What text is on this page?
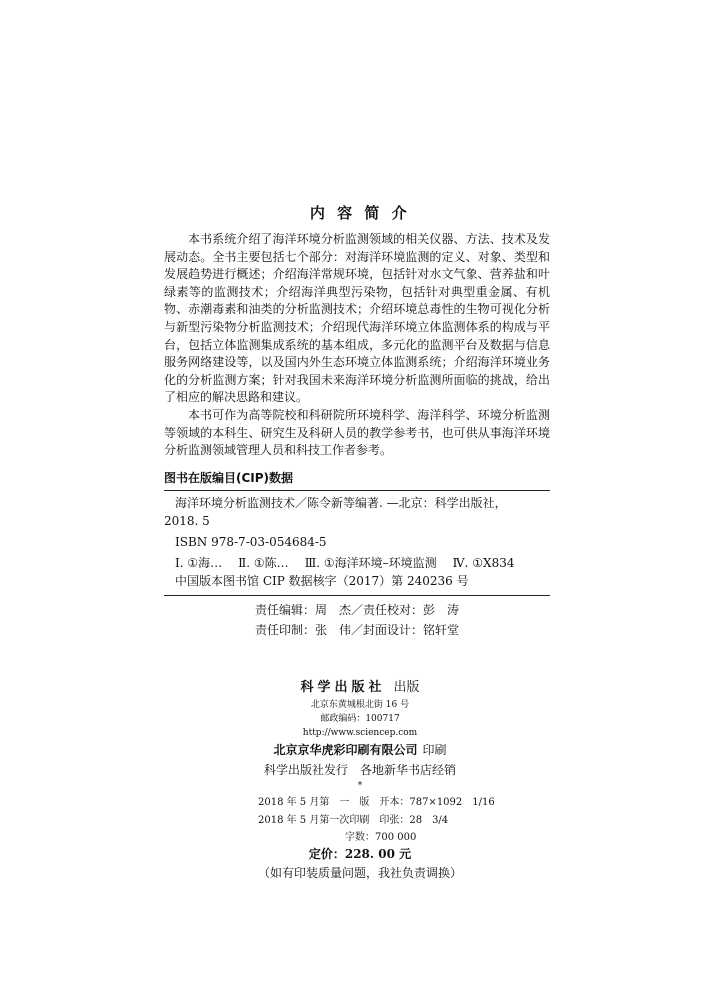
内 容 简 介
本书系统介绍了海洋环境分析监测领域的相关仪器、方法、技术及发
展动态。全书主要包括七个部分：对海洋环境监测的定义、对象、类型和
发展趋势进行概述；介绍海洋常规环境，包括针对水文气象、营养盐和叶
绿素等的监测技术；介绍海洋典型污染物，包括针对典型重金属、有机
物、赤潮毒素和油类的分析监测技术；介绍环境总毒性的生物可视化分析
与新型污染物分析监测技术；介绍现代海洋环境立体监测体系的构成与平
台，包括立体监测集成系统的基本组成，多元化的监测平台及数据与信息
服务网络建设等，以及国内外生态环境立体监测系统；介绍海洋环境业务
化的分析监测方案；针对我国未来海洋环境分析监测所面临的挑战，给出
了相应的解决思路和建议。
本书可作为高等院校和科研院所环境科学、海洋科学、环境分析监测
等领域的本科生、研究生及科研人员的教学参考书，也可供从事海洋环境
分析监测领域管理人员和科技工作者参考。
图书在版编目(CIP)数据
海洋环境分析监测技术／陈令新等编著. —北京：科学出版社，
2018. 5
ISBN 978-7-03-054684-5
Ⅰ. ①海… Ⅱ. ①陈… Ⅲ. ①海洋环境–环境监测 Ⅳ. ①X834
中国版本图书馆 CIP 数据核字（2017）第 240236 号
责任编辑：周　杰／责任校对：彭　涛
责任印制：张　伟／封面设计：铭轩堂
科学出版社 出版
北京东黄城根北街 16 号
邮政编码：100717
http://www.sciencep.com
北京京华虎彩印刷有限公司 印刷
科学出版社发行　各地新华书店经销
*
2018 年 5 月第　一　版　开本：787×1092　1/16
2018 年 5 月第一次印刷　印张：28　3/4
字数：700 000
定价：228. 00 元
（如有印装质量问题，我社负责调换）
